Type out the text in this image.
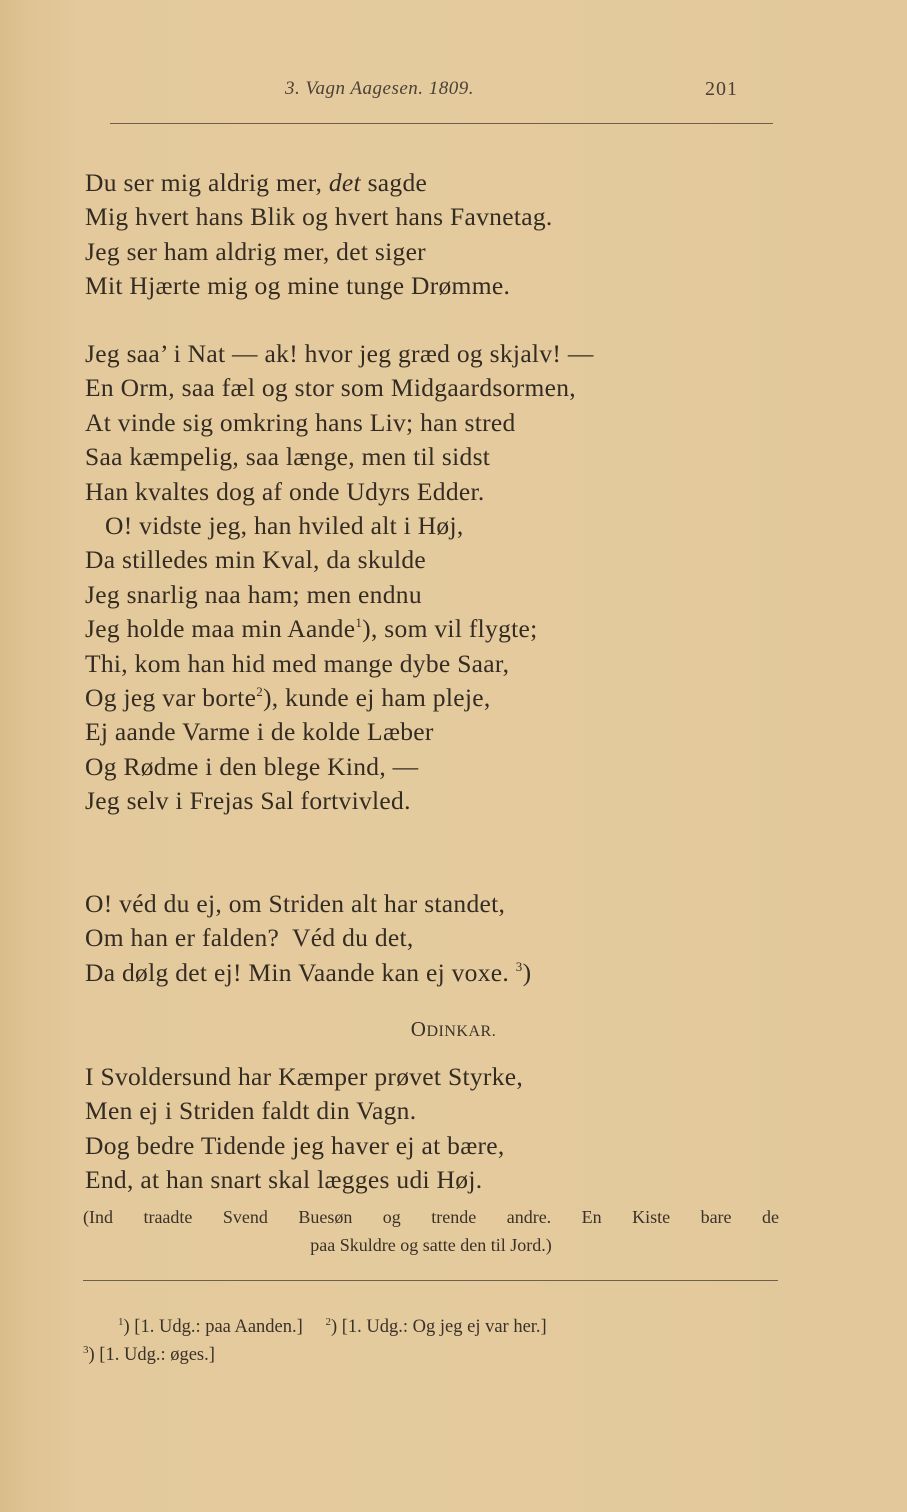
3. Vagn Aagesen. 1809.	201
Du ser mig aldrig mer, det sagde
Mig hvert hans Blik og hvert hans Favnetag.
Jeg ser ham aldrig mer, det siger
Mit Hjærte mig og mine tunge Drømme.
Jeg saa’ i Nat — ak! hvor jeg græd og skjalv! —
En Orm, saa fæl og stor som Midgaardsormen,
At vinde sig omkring hans Liv; han stred
Saa kæmpelig, saa længe, men til sidst
Han kvaltes dog af onde Udyrs Edder.
O! vidste jeg, han hviled alt i Høj,
Da stilledes min Kval, da skulde
Jeg snarlig naa ham; men endnu
Jeg holde maa min Aande$^1$), som vil flygte;
Thi, kom han hid med mange dybe Saar,
Og jeg var borte$^2$), kunde ej ham pleje,
Ej aande Varme i de kolde Læber
Og Rødme i den blege Kind, —
Jeg selv i Frejas Sal fortvivled.
O! véd du ej, om Striden alt har standet,
Om han er falden?  Véd du det,
Da dølg det ej! Min Vaande kan ej voxe. $^3$)
ODINKAR.
I Svoldersund har Kæmper prøvet Styrke,
Men ej i Striden faldt din Vagn.
Dog bedre Tidende jeg haver ej at bære,
End, at han snart skal lægges udi Høj.
(Ind traadte Svend Buesøn og trende andre. En Kiste bare de
paa Skuldre og satte den til Jord.)
$^1$) [1. Udg.: paa Aanden.] $^2$) [1. Udg.: Og jeg ej var her.]
$^3$) [1. Udg.: øges.]
